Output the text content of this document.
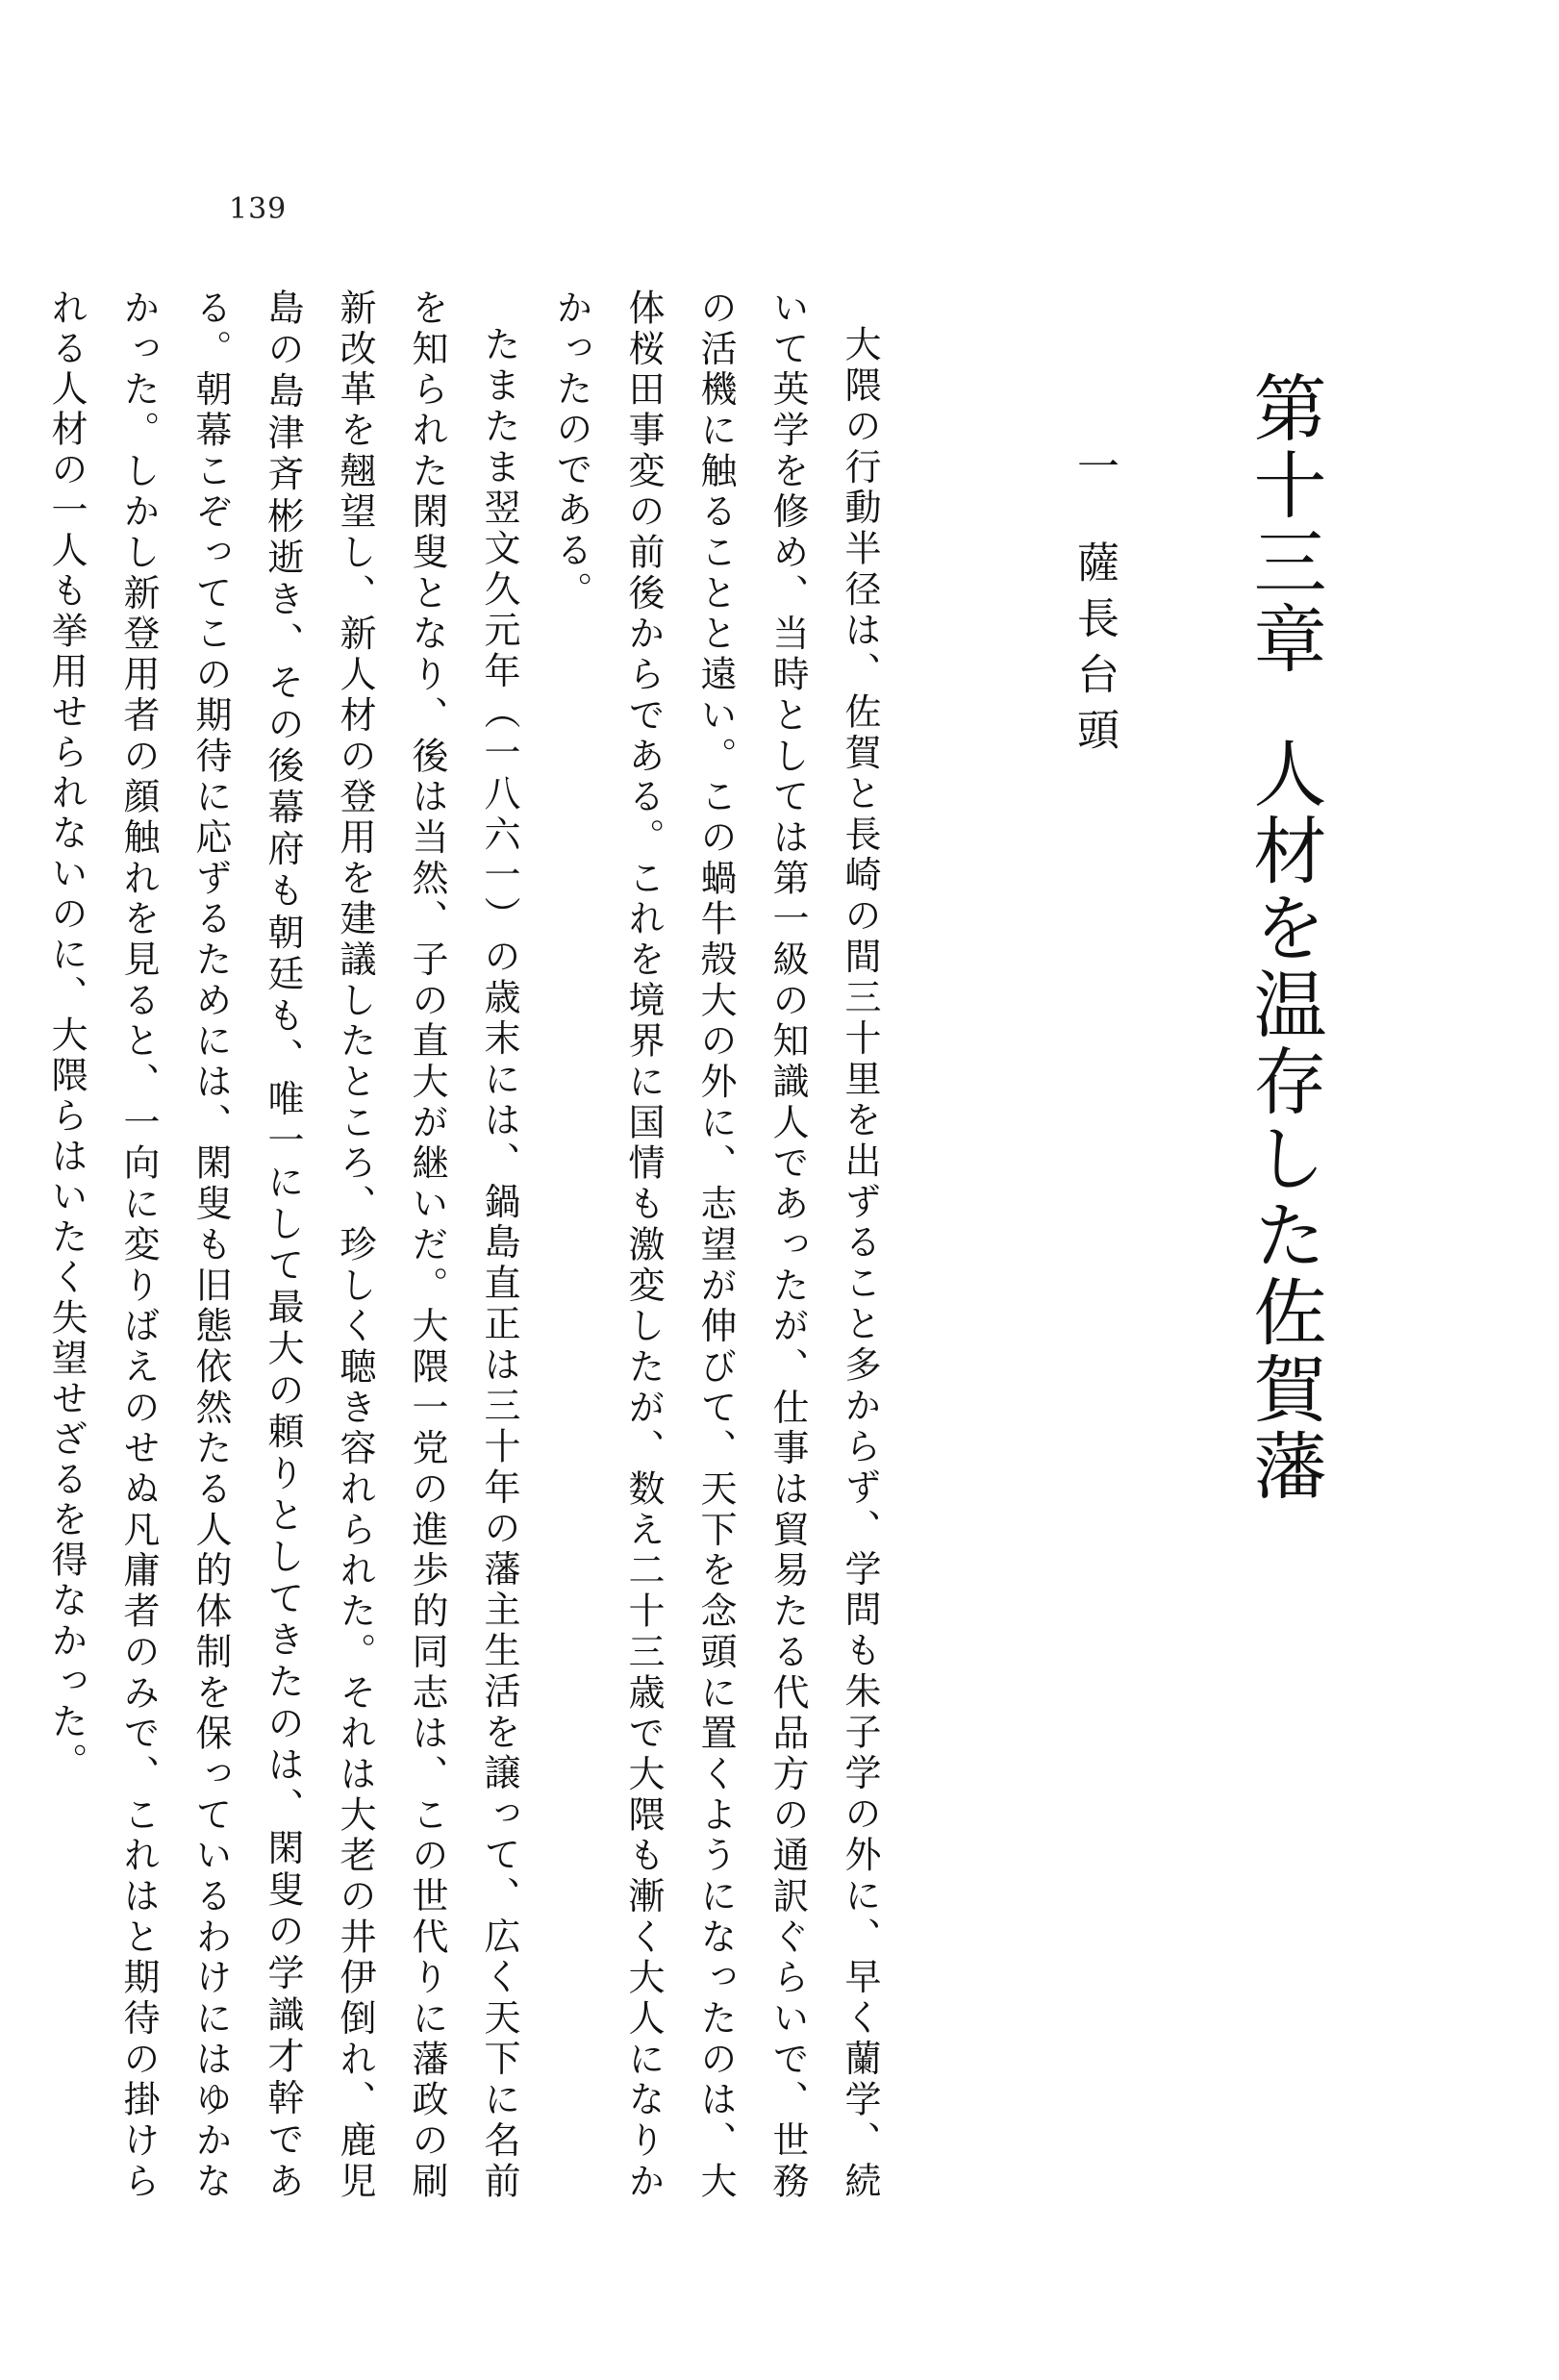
139
第十三章人材を温存した佐賀藩
一薩長台頭

大隈の行動半径は、佐賀と長崎の間三十里を出ずること多からず、学問も朱子学の外に、早く蘭学、続いて英学を修め、当時としては第一級の知識人であったが、仕事は貿易たる代品方の通訳ぐらいで、世務の活機に触ることと遠い。この蝸牛殻大の外に、志望が伸びて、天下を念頭に置くようになったのは、大体桜田事変の前後からである。これを境界に国情も激変したが、数え二十三歳で大隈も漸く大人になりかかったのである。

たまたま翌文久元年（一八六一）の歳末には、鍋島直正は三十年の藩主生活を譲って、広く天下に名前を知られた閑叟となり、後は当然、子の直大が継いだ。大隈一党の進歩的同志は、この世代りに藩政の刷新改革を翹望し、新人材の登用を建議したところ、珍しく聴き容れられた。それは大老の井伊倒れ、鹿児島の島津斉彬逝き、その後幕府も朝廷も、唯一にして最大の頼りとしてきたのは、閑叟の学識才幹である。朝幕こぞってこの期待に応ずるためには、閑叟も旧態依然たる人的体制を保っているわけにはゆかなかった。しかし新登用者の顔触れを見ると、一向に変りばえのせぬ凡庸者のみで、これはと期待の掛けられる人材の一人も挙用せられないのに、大隈らはいたく失望せざるを得なかった。
